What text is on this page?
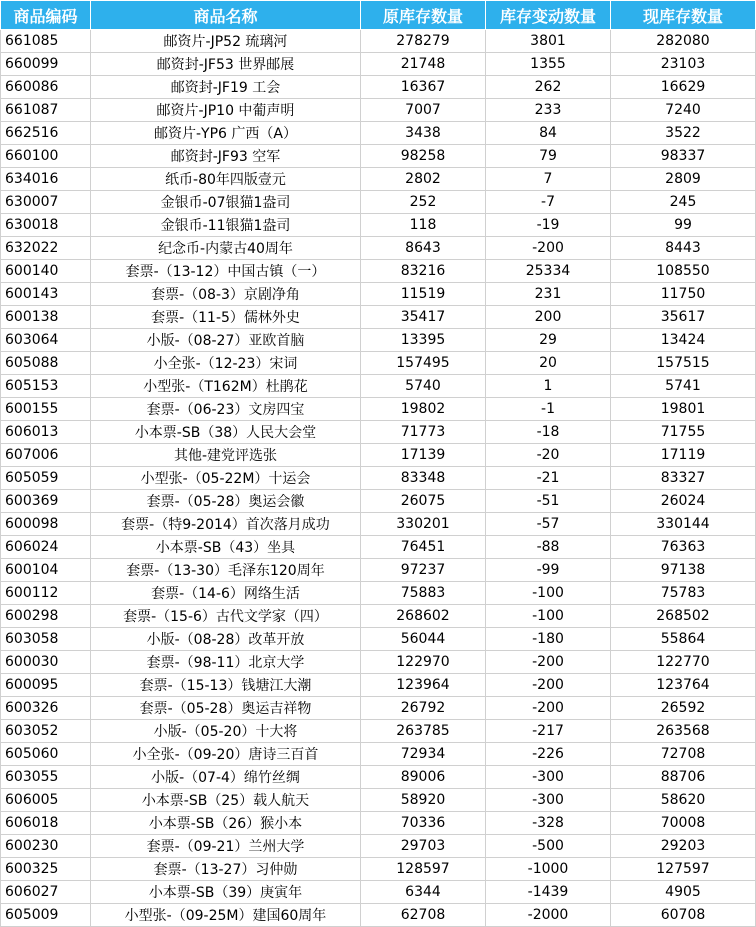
商品编码	商品名称	原库存数量	库存变动数量	现库存数量
661085	邮资片-JP52 琉璃河	278279	3801	282080
660099	邮资封-JF53 世界邮展	21748	1355	23103
660086	邮资封-JF19 工会	16367	262	16629
661087	邮资片-JP10 中葡声明	7007	233	7240
662516	邮资片-YP6 广西（A）	3438	84	3522
660100	邮资封-JF93 空军	98258	79	98337
634016	纸币-80年四版壹元	2802	7	2809
630007	金银币-07银猫1盎司	252	-7	245
630018	金银币-11银猫1盎司	118	-19	99
632022	纪念币-内蒙古40周年	8643	-200	8443
600140	套票-（13-12）中国古镇（一）	83216	25334	108550
600143	套票-（08-3）京剧净角	11519	231	11750
600138	套票-（11-5）儒林外史	35417	200	35617
603064	小版-（08-27）亚欧首脑	13395	29	13424
605088	小全张-（12-23）宋词	157495	20	157515
605153	小型张-（T162M）杜鹃花	5740	1	5741
600155	套票-（06-23）文房四宝	19802	-1	19801
606013	小本票-SB（38）人民大会堂	71773	-18	71755
607006	其他-建党评选张	17139	-20	17119
605059	小型张-（05-22M）十运会	83348	-21	83327
600369	套票-（05-28）奥运会徽	26075	-51	26024
600098	套票-（特9-2014）首次落月成功	330201	-57	330144
606024	小本票-SB（43）坐具	76451	-88	76363
600104	套票-（13-30）毛泽东120周年	97237	-99	97138
600112	套票-（14-6）网络生活	75883	-100	75783
600298	套票-（15-6）古代文学家（四）	268602	-100	268502
603058	小版-（08-28）改革开放	56044	-180	55864
600030	套票-（98-11）北京大学	122970	-200	122770
600095	套票-（15-13）钱塘江大潮	123964	-200	123764
600326	套票-（05-28）奥运吉祥物	26792	-200	26592
603052	小版-（05-20）十大将	263785	-217	263568
605060	小全张-（09-20）唐诗三百首	72934	-226	72708
603055	小版-（07-4）绵竹丝绸	89006	-300	88706
606005	小本票-SB（25）载人航天	58920	-300	58620
606018	小本票-SB（26）猴小本	70336	-328	70008
600230	套票-（09-21）兰州大学	29703	-500	29203
600325	套票-（13-27）习仲勋	128597	-1000	127597
606027	小本票-SB（39）庚寅年	6344	-1439	4905
605009	小型张-（09-25M）建国60周年	62708	-2000	60708
